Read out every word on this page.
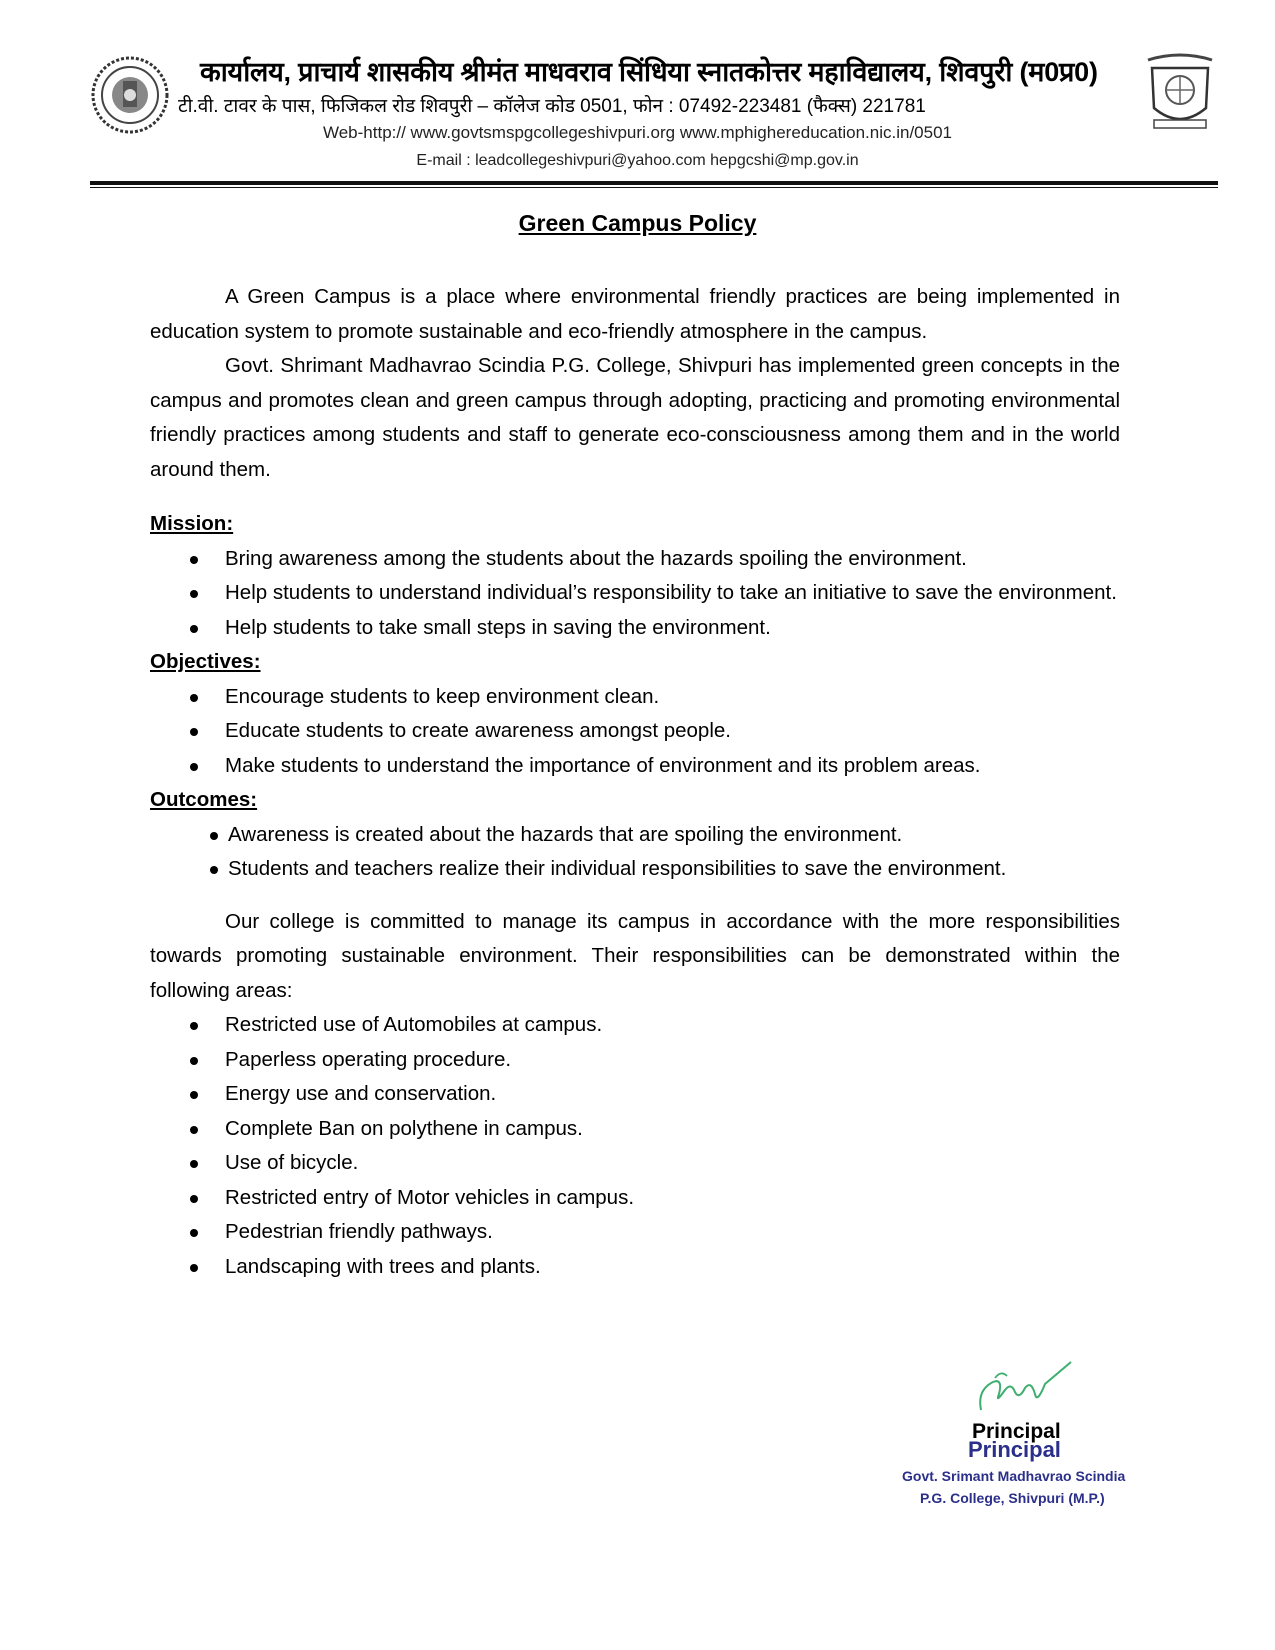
कार्यालय, प्राचार्य शासकीय श्रीमंत माधवराव सिंधिया स्नातकोत्तर महाविद्यालय, शिवपुरी (म0प्र0)
टी.वी. टावर के पास, फिजिकल रोड शिवपुरी – कॉलेज कोड 0501, फोन : 07492-223481 (फैक्स) 221781
Web-http:// www.govtsmspgcollegeshivpuri.org www.mphighereducation.nic.in/0501
E-mail : leadcollegeshivpuri@yahoo.com hepgcshi@mp.gov.in
Green Campus Policy

A Green Campus is a place where environmental friendly practices are being implemented in education system to promote sustainable and eco-friendly atmosphere in the campus.

Govt. Shrimant Madhavrao Scindia P.G. College, Shivpuri has implemented green concepts in the campus and promotes clean and green campus through adopting, practicing and promoting environmental friendly practices among students and staff to generate eco-consciousness among them and in the world around them.

Mission:

Bring awareness among the students about the hazards spoiling the environment.
Help students to understand individual’s responsibility to take an initiative to save the environment.
Help students to take small steps in saving the environment.

Objectives:

Encourage students to keep environment clean.
Educate students to create awareness amongst people.
Make students to understand the importance of environment and its problem areas.

Outcomes:

Awareness is created about the hazards that are spoiling the environment.
Students and teachers realize their individual responsibilities to save the environment.

Our college is committed to manage its campus in accordance with the more responsibilities towards promoting sustainable environment. Their responsibilities can be demonstrated within the following areas:

Restricted use of Automobiles at campus.
Paperless operating procedure.
Energy use and conservation.
Complete Ban on polythene in campus.
Use of bicycle.
Restricted entry of Motor vehicles in campus.
Pedestrian friendly pathways.
Landscaping with trees and plants.
Principal
Principal
Govt. Srimant Madhavrao Scindia
P.G. College, Shivpuri (M.P.)
